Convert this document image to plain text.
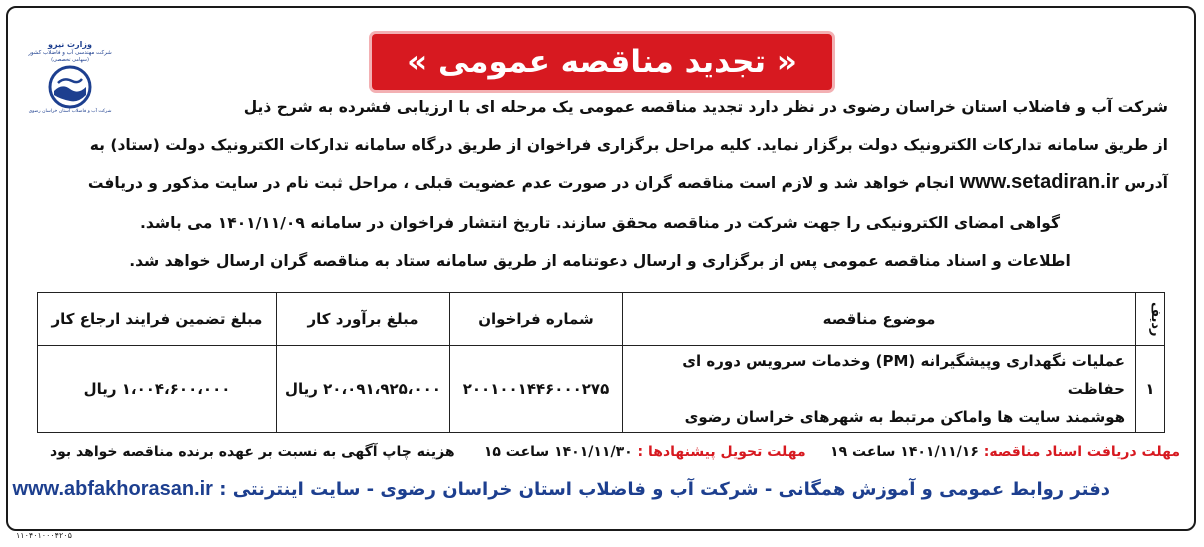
« تجدید مناقصه عمومی »
وزارت نیرو
شرکت مهندسی آب و فاضلاب کشور
(سهامی تخصصی)
شرکت آب و فاضلاب استان خراسان رضوی	شرکت آب و فاضلاب استان خراسان رضوی در نظر دارد تجدید مناقصه عمومی یک مرحله ای با ارزیابی فشرده به شرح ذیل
از طریق سامانه تدارکات الکترونیک دولت برگزار نماید. کلیه مراحل برگزاری فراخوان از طریق درگاه سامانه تدارکات الکترونیک دولت (ستاد) به
آدرس www.setadiran.ir انجام خواهد شد و لازم است مناقصه گران در صورت عدم عضویت قبلی ، مراحل ثبت نام در سایت مذکور و دریافت
گواهی امضای الکترونیکی را جهت شرکت در مناقصه محقق سازند. تاریخ انتشار فراخوان در سامانه ۱۴۰۱/۱۱/۰۹ می باشد.
اطلاعات و اسناد مناقصه عمومی پس از برگزاری و ارسال دعوتنامه از طریق سامانه ستاد به مناقصه گران ارسال خواهد شد.
ردیف	موضوع مناقصه	شماره فراخوان	مبلغ برآورد کار	مبلغ تضمین فرایند ارجاع کار
۱	عملیات نگهداری وپیشگیرانه (PM) وخدمات سرویس دوره ای حفاظت
هوشمند سایت ها واماکن مرتبط به شهرهای خراسان رضوی	۲۰۰۱۰۰۱۴۴۶۰۰۰۲۷۵	۲۰،۰۹۱،۹۲۵،۰۰۰ ریال	۱،۰۰۴،۶۰۰،۰۰۰ ریال
مهلت دریافت اسناد مناقصه: ۱۴۰۱/۱۱/۱۶ ساعت ۱۹     مهلت تحویل پیشنهادها : ۱۴۰۱/۱۱/۳۰ ساعت ۱۵      هزینه چاپ آگهی به نسبت بر عهده برنده مناقصه خواهد بود
دفتر روابط عمومی و آموزش همگانی - شرکت آب و فاضلاب استان خراسان رضوی - سایت اینترنتی : www.abfakhorasan.ir
۱۱۰۴۰۱۰۰۰۴۲۰۵
